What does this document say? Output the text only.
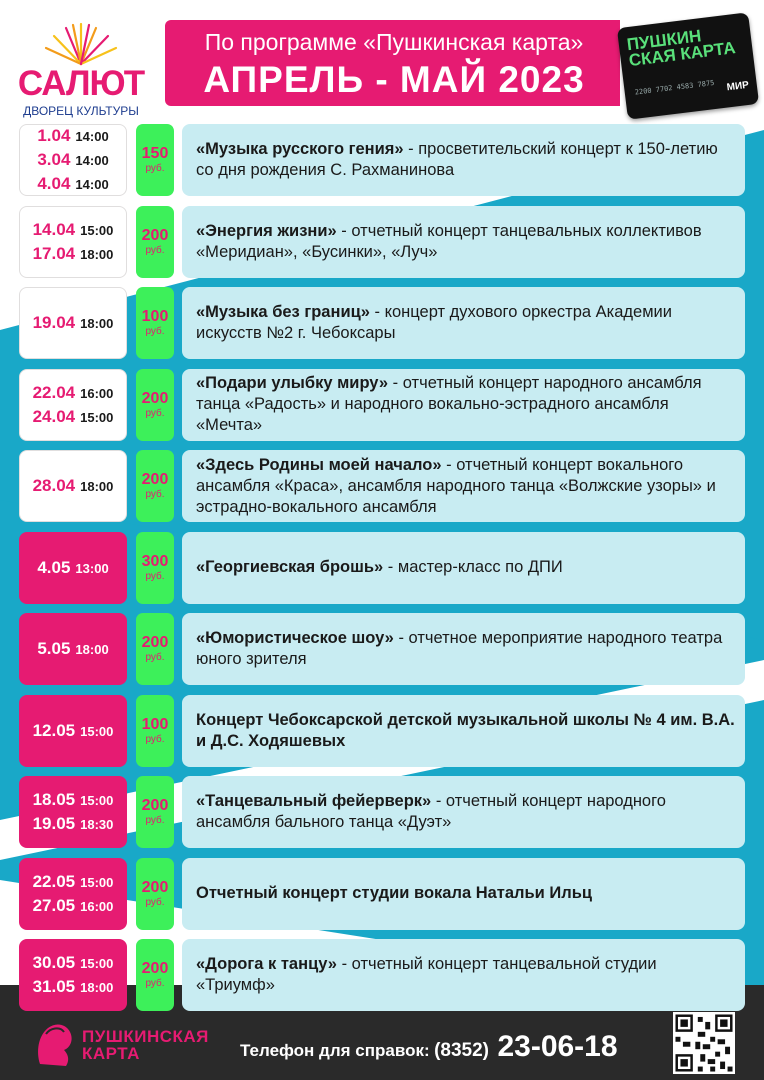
САЛЮТ
ДВОРЕЦ КУЛЬТУРЫ
По программе «Пушкинская карта»
АПРЕЛЬ - МАЙ 2023
ПУШКИН СКАЯ КАРТА
2200 7702 4583 7875 МИР
1.04 14:00
3.04 14:00
4.04 14:00
150
руб.
«Музыка русского гения» - просветительский концерт к 150-летию со дня рождения С. Рахманинова
14.04 15:00
17.04 18:00
200
руб.
«Энергия жизни» - отчетный концерт танцевальных коллективов «Меридиан», «Бусинки», «Луч»
19.04 18:00 100
руб.
«Музыка без границ» - концерт духового оркестра Академии искусств №2 г. Чебоксары
22.04 16:00
24.04 15:00
200
руб.
«Подари улыбку миру» - отчетный концерт народного ансамбля танца «Радость» и народного вокально-эстрадного ансамбля «Мечта»
28.04 18:00 200
руб.
«Здесь Родины моей начало» - отчетный концерт вокального ансамбля «Краса», ансамбля народного танца «Волжские узоры» и эстрадно-вокального ансамбля
4.05 13:00 300
руб. «Георгиевская брошь» - мастер-класс по ДПИ
5.05 18:00 200
руб.
«Юмористическое шоу» - отчетное мероприятие народного театра юного зрителя
12.05 15:00 100
руб.
Концерт Чебоксарской детской музыкальной школы № 4 им. В.А. и Д.С. Ходяшевых
18.05 15:00
19.05 18:30
200
руб.
«Танцевальный фейерверк» - отчетный концерт народного ансамбля бального танца «Дуэт»
22.05 15:00
27.05 16:00
200
руб. Отчетный концерт студии вокала Натальи Ильц
30.05 15:00
31.05 18:00
200
руб.
«Дорога к танцу» - отчетный концерт танцевальной студии «Триумф»
ПУШКИНСКАЯ
КАРТА	Телефон для справок: (8352) 23-06-18
